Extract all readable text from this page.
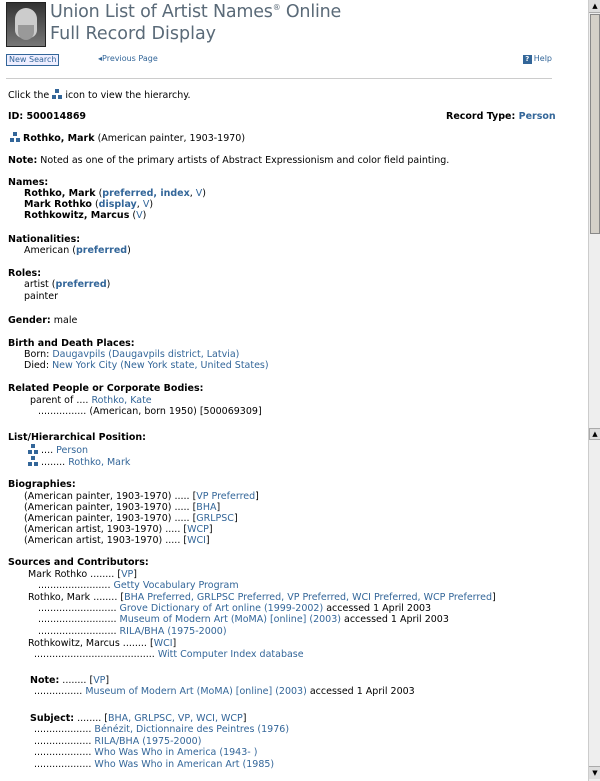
Union List of Artist Names® Online
Full Record Display
New Search	◂Previous Page	? Help
Click the icon to view the hierarchy.
ID: 500014869	Record Type: Person
Rothko, Mark (American painter, 1903-1970)
Note: Noted as one of the primary artists of Abstract Expressionism and color field painting.
Names:
Rothko, Mark (preferred, index, V)
Mark Rothko (display, V)
Rothkowitz, Marcus (V)
Nationalities:
American (preferred)
Roles:
artist (preferred)
painter
Gender: male
Birth and Death Places:
Born: Daugavpils (Daugavpils district, Latvia)
Died: New York City (New York state, United States)
Related People or Corporate Bodies:
parent of .... Rothko, Kate
................ (American, born 1950) [500069309]
List/Hierarchical Position:
.... Person
........ Rothko, Mark
Biographies:
(American painter, 1903-1970) ..... [VP Preferred]
(American painter, 1903-1970) ..... [BHA]
(American painter, 1903-1970) ..... [GRLPSC]
(American artist, 1903-1970) ..... [WCP]
(American artist, 1903-1970) ..... [WCI]
Sources and Contributors:
Mark Rothko ........ [VP]
........................ Getty Vocabulary Program
Rothko, Mark ........ [BHA Preferred, GRLPSC Preferred, VP Preferred, WCI Preferred, WCP Preferred]
.......................... Grove Dictionary of Art online (1999-2002) accessed 1 April 2003
.......................... Museum of Modern Art (MoMA) [online] (2003) accessed 1 April 2003
.......................... RILA/BHA (1975-2000)
Rothkowitz, Marcus ........ [WCI]
........................................ Witt Computer Index database
Note: ........ [VP]
................ Museum of Modern Art (MoMA) [online] (2003) accessed 1 April 2003
Subject: ........ [BHA, GRLPSC, VP, WCI, WCP]
................... Bénézit, Dictionnaire des Peintres (1976)
................... RILA/BHA (1975-2000)
................... Who Was Who in America (1943- )
................... Who Was Who in American Art (1985)
▲
▲
▼
